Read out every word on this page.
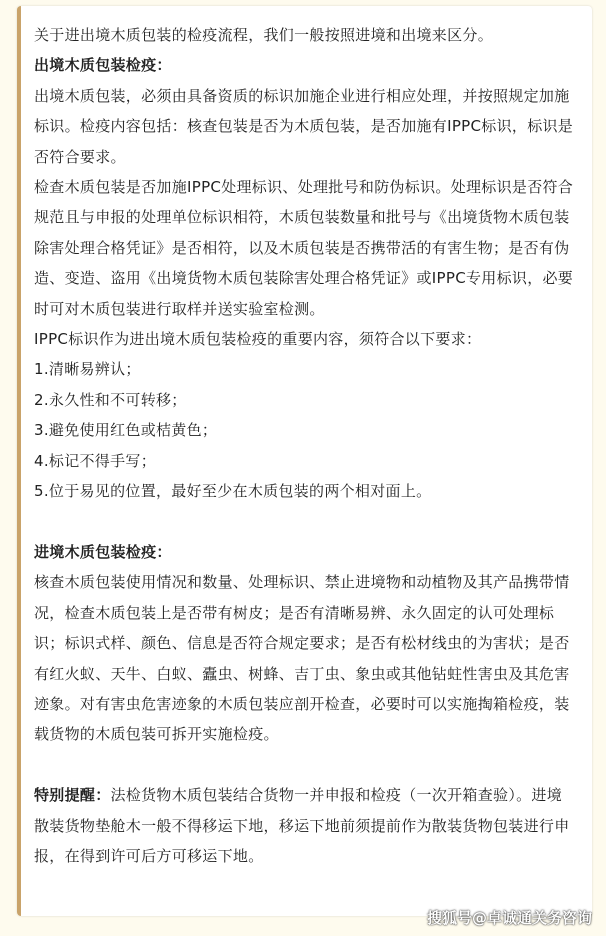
关于进出境木质包装的检疫流程，我们一般按照进境和出境来区分。

出境木质包装检疫：

出境木质包装，必须由具备资质的标识加施企业进行相应处理，并按照规定加施标识。检疫内容包括：核查包装是否为木质包装，是否加施有IPPC标识，标识是否符合要求。

检查木质包装是否加施IPPC处理标识、处理批号和防伪标识。处理标识是否符合规范且与申报的处理单位标识相符，木质包装数量和批号与《出境货物木质包装除害处理合格凭证》是否相符，以及木质包装是否携带活的有害生物；是否有伪造、变造、盗用《出境货物木质包装除害处理合格凭证》或IPPC专用标识，必要时可对木质包装进行取样并送实验室检测。

IPPC标识作为进出境木质包装检疫的重要内容，须符合以下要求：

1.清晰易辨认；

2.永久性和不可转移；

3.避免使用红色或桔黄色；

4.标记不得手写；

5.位于易见的位置，最好至少在木质包装的两个相对面上。

进境木质包装检疫：

核查木质包装使用情况和数量、处理标识、禁止进境物和动植物及其产品携带情况，检查木质包装上是否带有树皮；是否有清晰易辨、永久固定的认可处理标识；标识式样、颜色、信息是否符合规定要求；是否有松材线虫的为害状；是否有红火蚁、天牛、白蚁、蠹虫、树蜂、吉丁虫、象虫或其他钻蛀性害虫及其危害迹象。对有害虫危害迹象的木质包装应剖开检查，必要时可以实施掏箱检疫，装载货物的木质包装可拆开实施检疫。

特别提醒：法检货物木质包装结合货物一并申报和检疫（一次开箱查验）。进境散装货物垫舱木一般不得移运下地，移运下地前须提前作为散装货物包装进行申报，在得到许可后方可移运下地。

搜狐号@卓诚通关务咨询
